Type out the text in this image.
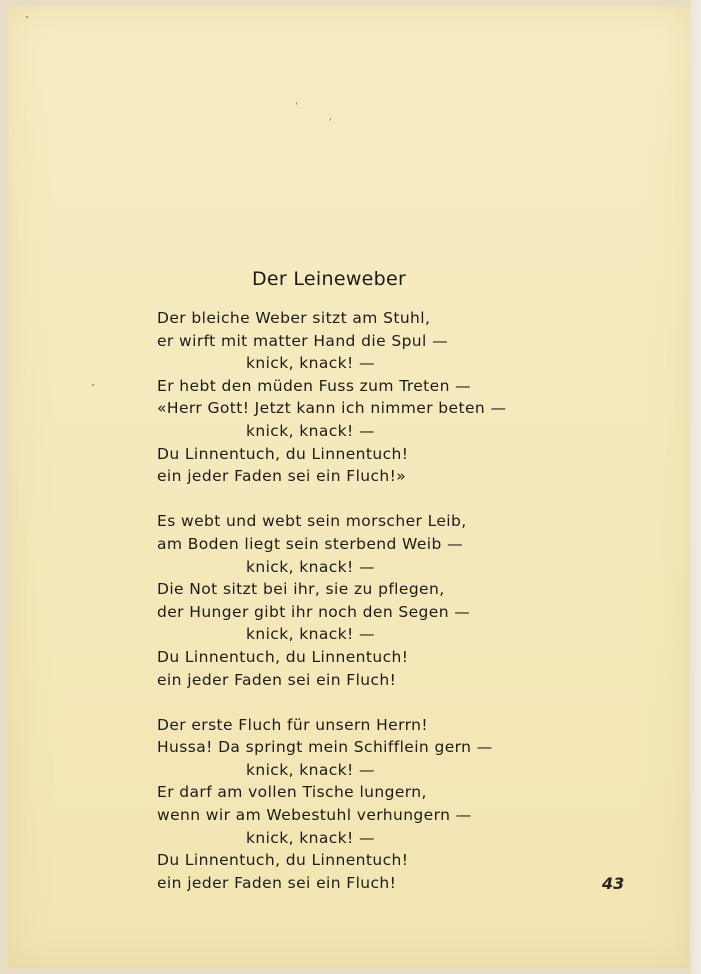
Der Leineweber
Der bleiche Weber sitzt am Stuhl,
er wirft mit matter Hand die Spul —
knick, knack! —
Er hebt den müden Fuss zum Treten —
«Herr Gott! Jetzt kann ich nimmer beten —
knick, knack! —
Du Linnentuch, du Linnentuch!
ein jeder Faden sei ein Fluch!»
Es webt und webt sein morscher Leib,
am Boden liegt sein sterbend Weib —
knick, knack! —
Die Not sitzt bei ihr, sie zu pflegen,
der Hunger gibt ihr noch den Segen —
knick, knack! —
Du Linnentuch, du Linnentuch!
ein jeder Faden sei ein Fluch!
Der erste Fluch für unsern Herrn!
Hussa! Da springt mein Schifflein gern —
knick, knack! —
Er darf am vollen Tische lungern,
wenn wir am Webestuhl verhungern —
knick, knack! —
Du Linnentuch, du Linnentuch!
ein jeder Faden sei ein Fluch!	43
